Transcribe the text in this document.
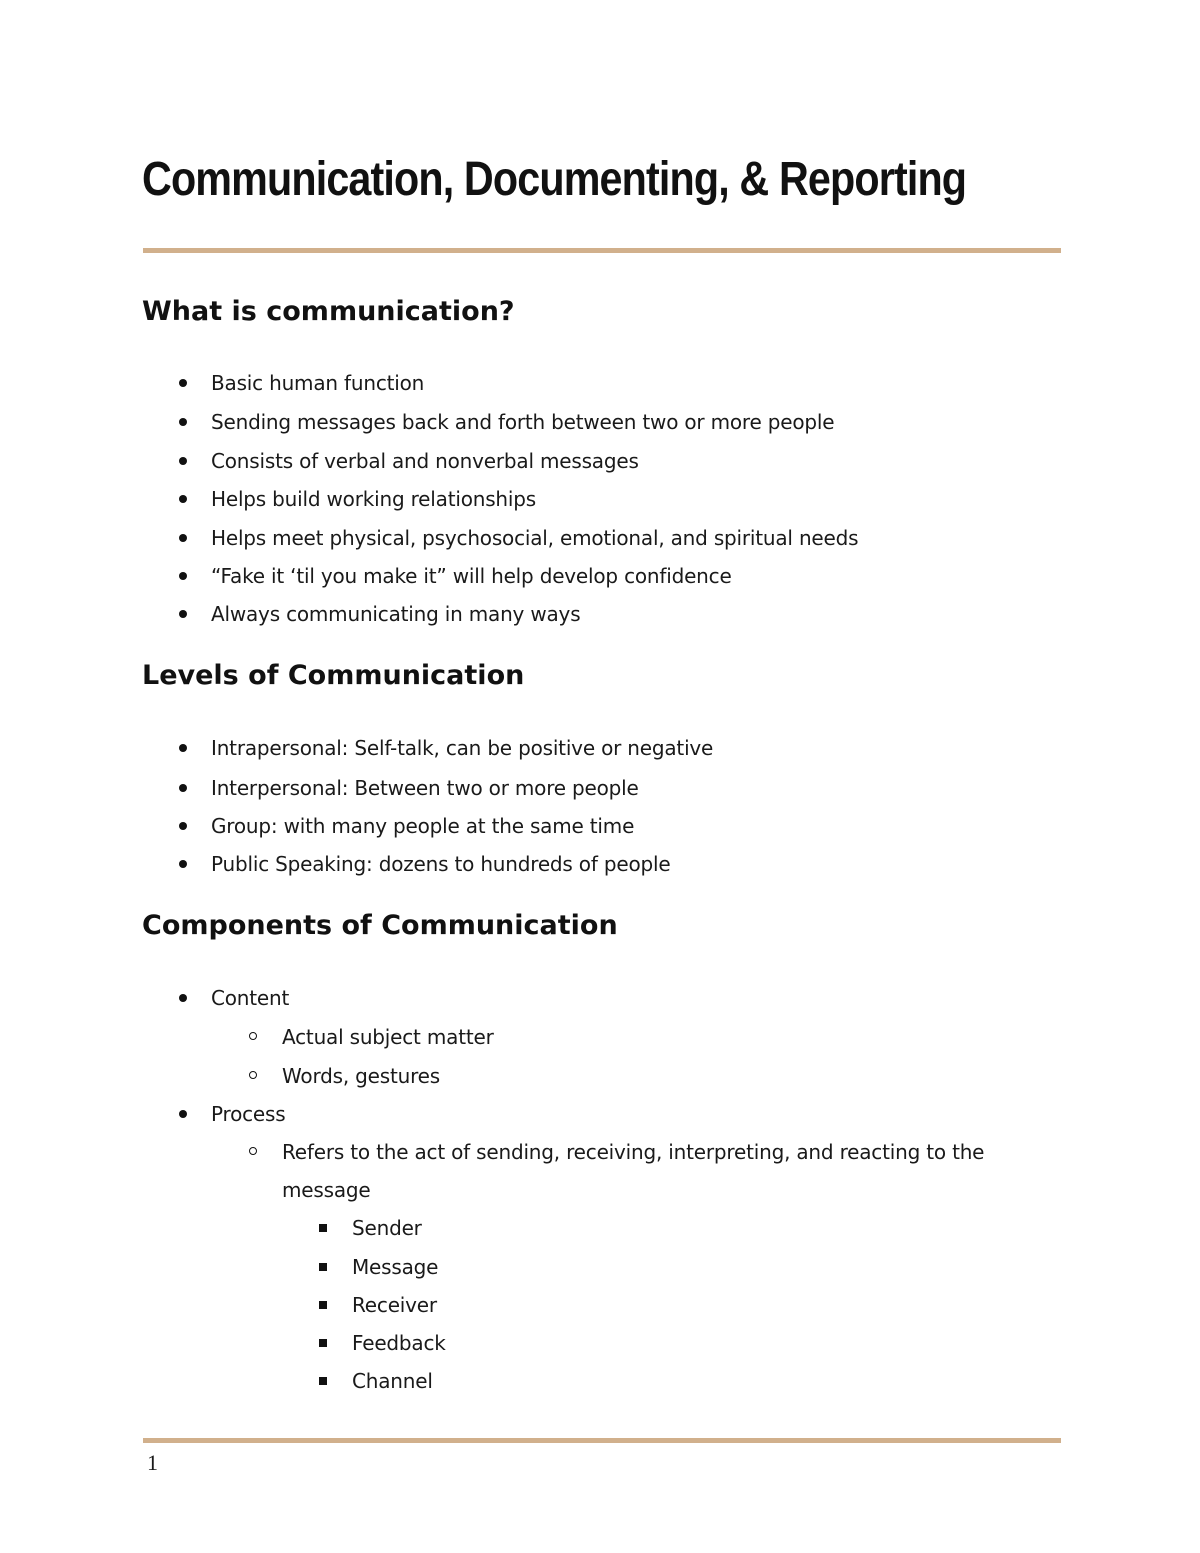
Communication, Documenting, & Reporting
What is communication?
Basic human function
Sending messages back and forth between two or more people
Consists of verbal and nonverbal messages
Helps build working relationships
Helps meet physical, psychosocial, emotional, and spiritual needs
“Fake it ‘til you make it” will help develop confidence
Always communicating in many ways
Levels of Communication
Intrapersonal: Self-talk, can be positive or negative
Interpersonal: Between two or more people
Group: with many people at the same time
Public Speaking: dozens to hundreds of people
Components of Communication
Content
Actual subject matter
Words, gestures
Process
Refers to the act of sending, receiving, interpreting, and reacting to the
message
Sender
Message
Receiver
Feedback
Channel
1
